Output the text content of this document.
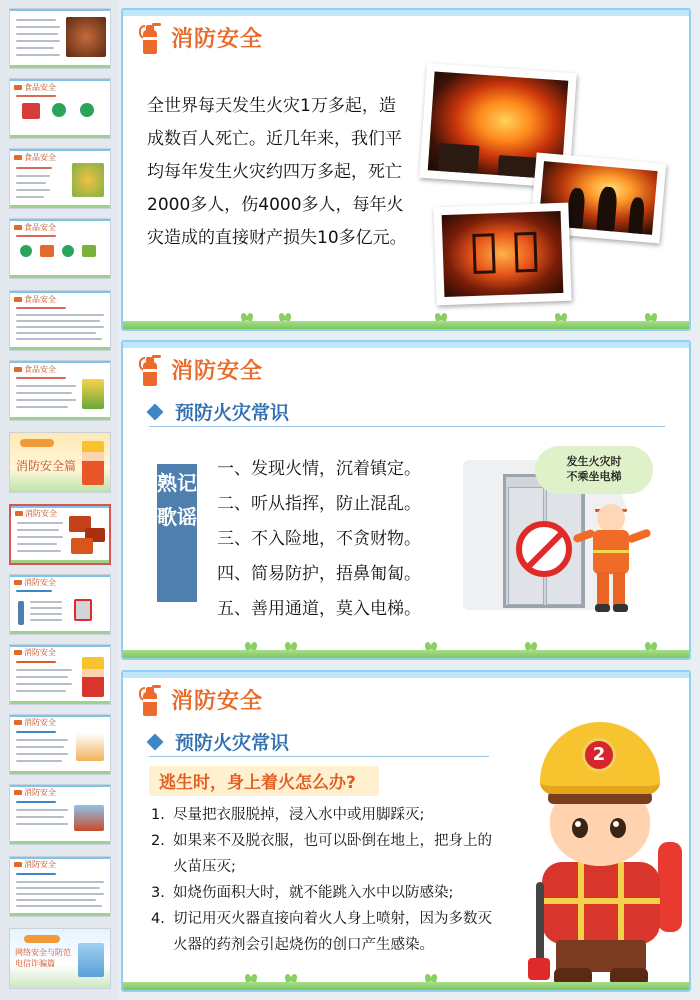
食品安全
食品安全
食品安全
食品安全
食品安全
消防安全篇
消防安全
消防安全
消防安全
消防安全
消防安全
消防安全
网络安全与防范电信诈骗篇
消防安全
全世界每天发生火灾1万多起，造成数百人死亡。近几年来，我们平均每年发生火灾约四万多起，死亡2000多人，伤4000多人，每年火灾造成的直接财产损失10多亿元。
消防安全
预防火灾常识
熟记歌谣
一、发现火情，沉着镇定。
二、听从指挥，防止混乱。
三、不入险地，不贪财物。
四、简易防护，捂鼻匍匐。
五、善用通道，莫入电梯。
发生火灾时
不乘坐电梯
消防安全
预防火灾常识
逃生时，身上着火怎么办?
1. 尽量把衣服脱掉，浸入水中或用脚踩灭;
2. 如果来不及脱衣服，也可以卧倒在地上，把身上的火苗压灭;
3. 如烧伤面积大时，就不能跳入水中以防感染;
4. 切记用灭火器直接向着火人身上喷射，因为多数灭火器的药剂会引起烧伤的创口产生感染。
2
